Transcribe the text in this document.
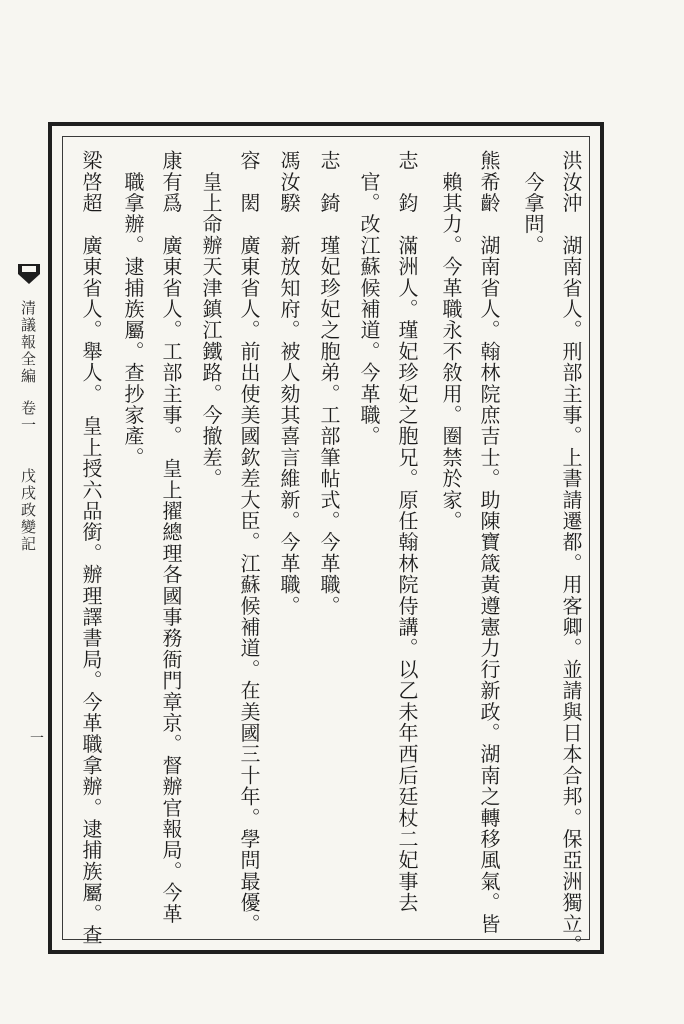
清議報全編
卷一
戊戌政變記
一	洪汝沖　湖南省人。刑部主事。上書請遷都。用客卿。並請與日本合邦。保亞洲獨立。
　今拿問。
熊希齡　湖南省人。翰林院庶吉士。助陳寶箴黃遵憲力行新政。湖南之轉移風氣。皆
　賴其力。今革職永不敘用。圈禁於家。
志　鈞　滿洲人。瑾妃珍妃之胞兄。原任翰林院侍講。以乙未年西后廷杖二妃事去
　官。改江蘇候補道。今革職。
志　錡　瑾妃珍妃之胞弟。工部筆帖式。今革職。
馮汝騤　新放知府。被人劾其喜言維新。今革職。
容　閎　廣東省人。前出使美國欽差大臣。江蘇候補道。在美國三十年。學問最優。
　皇上命辦天津鎮江鐵路。今撤差。
康有爲　廣東省人。工部主事。　皇上擢總理各國事務衙門章京。督辦官報局。今革
　職拿辦。逮捕族屬。查抄家產。
梁啓超　廣東省人。舉人。　皇上授六品銜。辦理譯書局。今革職拿辦。逮捕族屬。查
